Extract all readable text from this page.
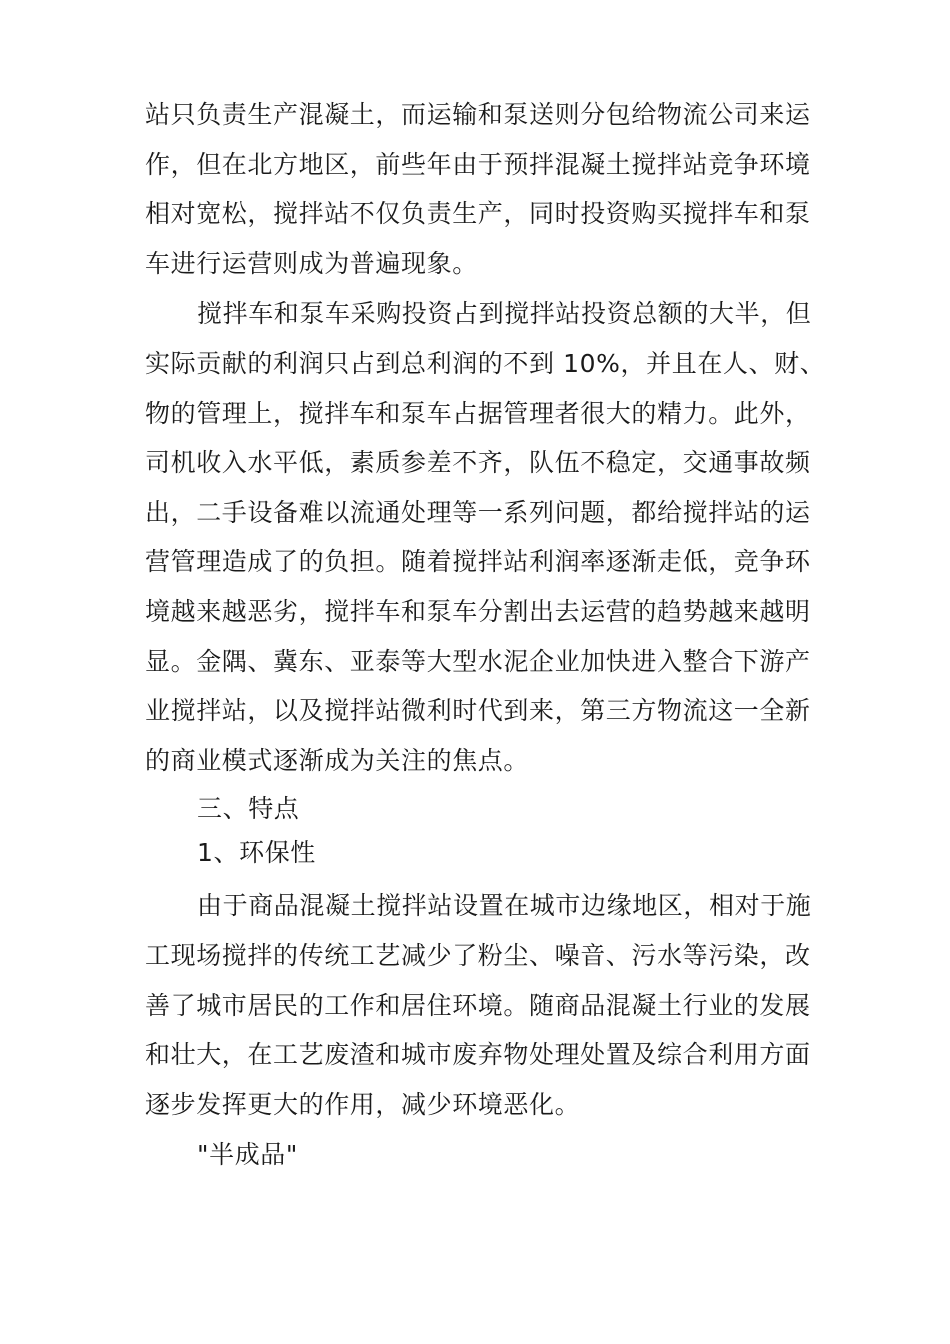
站只负责生产混凝土，而运输和泵送则分包给物流公司来运
作，但在北方地区，前些年由于预拌混凝土搅拌站竞争环境
相对宽松，搅拌站不仅负责生产，同时投资购买搅拌车和泵
车进行运营则成为普遍现象。

搅拌车和泵车采购投资占到搅拌站投资总额的大半，但
实际贡献的利润只占到总利润的不到 10%，并且在人、财、
物的管理上，搅拌车和泵车占据管理者很大的精力。此外，
司机收入水平低，素质参差不齐，队伍不稳定，交通事故频
出，二手设备难以流通处理等一系列问题，都给搅拌站的运
营管理造成了的负担。随着搅拌站利润率逐渐走低，竞争环
境越来越恶劣，搅拌车和泵车分割出去运营的趋势越来越明
显。金隅、冀东、亚泰等大型水泥企业加快进入整合下游产
业搅拌站，以及搅拌站微利时代到来，第三方物流这一全新
的商业模式逐渐成为关注的焦点。

三、特点

1、环保性

由于商品混凝土搅拌站设置在城市边缘地区，相对于施
工现场搅拌的传统工艺减少了粉尘、噪音、污水等污染，改
善了城市居民的工作和居住环境。随商品混凝土行业的发展
和壮大，在工艺废渣和城市废弃物处理处置及综合利用方面
逐步发挥更大的作用，减少环境恶化。

"半成品"
